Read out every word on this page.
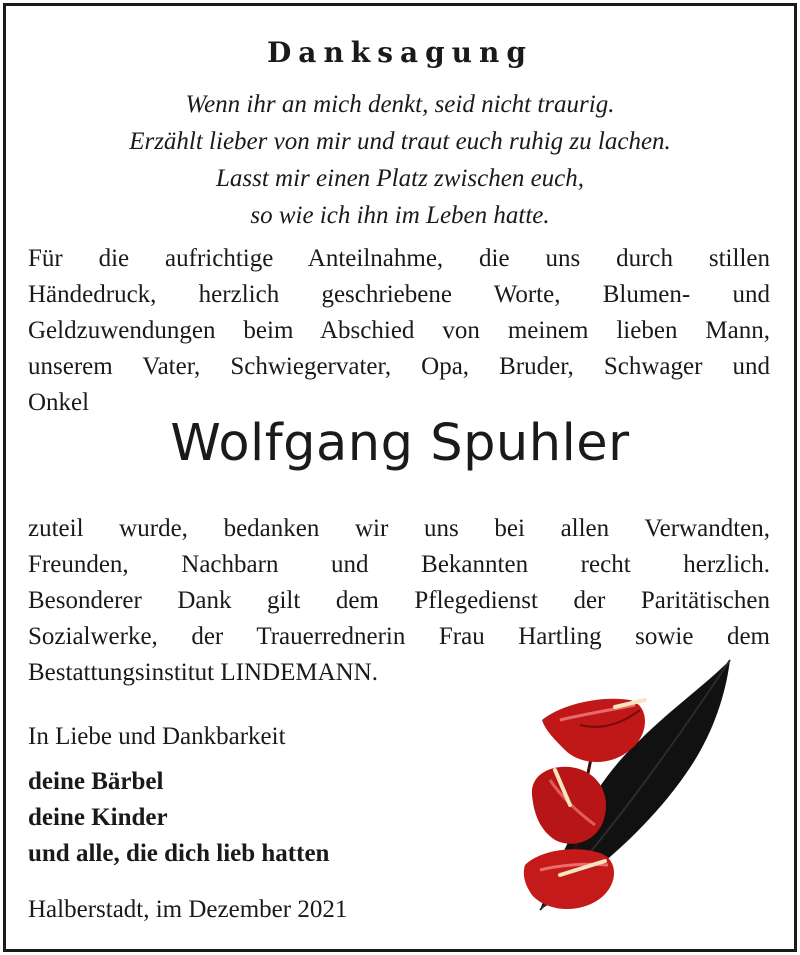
Danksagung
Wenn ihr an mich denkt, seid nicht traurig.
Erzählt lieber von mir und traut euch ruhig zu lachen.
Lasst mir einen Platz zwischen euch,
so wie ich ihn im Leben hatte.
Für die aufrichtige Anteilnahme, die uns durch stillen
Händedruck, herzlich geschriebene Worte, Blumen- und
Geldzuwendungen beim Abschied von meinem lieben Mann,
unserem Vater, Schwiegervater, Opa, Bruder, Schwager und
Onkel
Wolfgang Spuhler
zuteil wurde, bedanken wir uns bei allen Verwandten,
Freunden, Nachbarn und Bekannten recht herzlich.
Besonderer Dank gilt dem Pflegedienst der Paritätischen
Sozialwerke, der Trauerrednerin Frau Hartling sowie dem
Bestattungsinstitut LINDEMANN.
In Liebe und Dankbarkeit
deine Bärbel
deine Kinder
und alle, die dich lieb hatten
Halberstadt, im Dezember 2021
